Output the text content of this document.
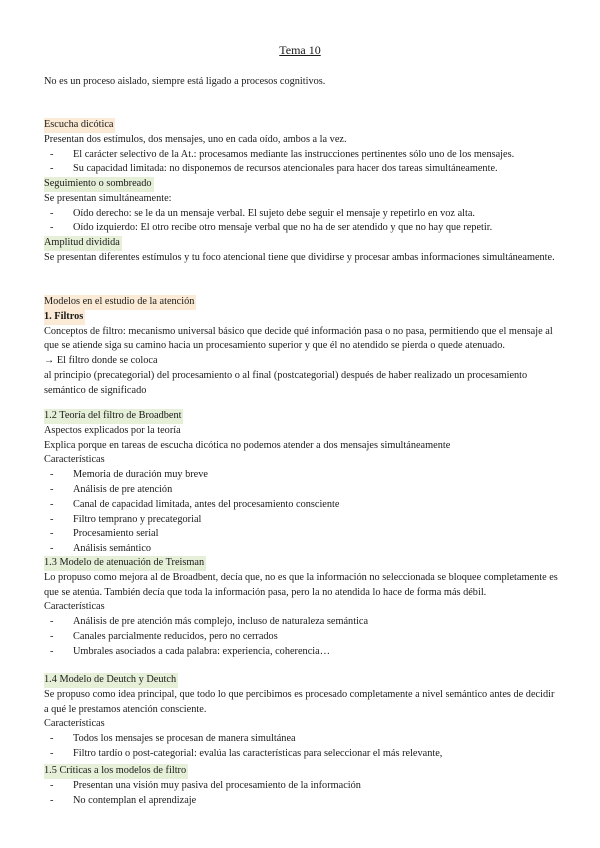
Tema 10
No es un proceso aislado, siempre está ligado a procesos cognitivos.
Escucha dicótica
Presentan dos estímulos, dos mensajes, uno en cada oído, ambos a la vez.
- El carácter selectivo de la At.: procesamos mediante las instrucciones pertinentes sólo uno de los mensajes.
- Su capacidad limitada: no disponemos de recursos atencionales para hacer dos tareas simultáneamente.
Seguimiento o sombreado
Se presentan simultáneamente:
- Oído derecho: se le da un mensaje verbal. El sujeto debe seguir el mensaje y repetirlo en voz alta.
- Oído izquierdo: El otro recibe otro mensaje verbal que no ha de ser atendido y que no hay que repetir.
Amplitud dividida
Se presentan diferentes estímulos y tu foco atencional tiene que dividirse y procesar ambas informaciones simultáneamente.
Modelos en el estudio de la atención
1. Filtros
Conceptos de filtro: mecanismo universal básico que decide qué información pasa o no pasa, permitiendo que el mensaje al que se atiende siga su camino hacia un procesamiento superior y que él no atendido se pierda o quede atenuado.
→ El filtro donde se coloca
al principio (precategorial) del procesamiento o al final (postcategorial) después de haber realizado un procesamiento semántico de significado
1.2 Teoría del filtro de Broadbent
Aspectos explicados por la teoría
Explica porque en tareas de escucha dicótica no podemos atender a dos mensajes simultáneamente
Características
- Memoria de duración muy breve
- Análisis de pre atención
- Canal de capacidad limitada, antes del procesamiento consciente
- Filtro temprano y precategorial
- Procesamiento serial
- Análisis semántico
1.3 Modelo de atenuación de Treisman
Lo propuso como mejora al de Broadbent, decía que, no es que la información no seleccionada se bloquee completamente es que se atenúa. También decía que toda la información pasa, pero la no atendida lo hace de forma más débil.
Características
- Análisis de pre atención más complejo, incluso de naturaleza semántica
- Canales parcialmente reducidos, pero no cerrados
- Umbrales asociados a cada palabra: experiencia, coherencia…
1.4 Modelo de Deutch y Deutch
Se propuso como idea principal, que todo lo que percibimos es procesado completamente a nivel semántico antes de decidir a qué le prestamos atención consciente.
Características
- Todos los mensajes se procesan de manera simultánea
- Filtro tardío o post-categorial: evalúa las características para seleccionar el más relevante,
1.5 Críticas a los modelos de filtro
- Presentan una visión muy pasiva del procesamiento de la información
- No contemplan el aprendizaje
